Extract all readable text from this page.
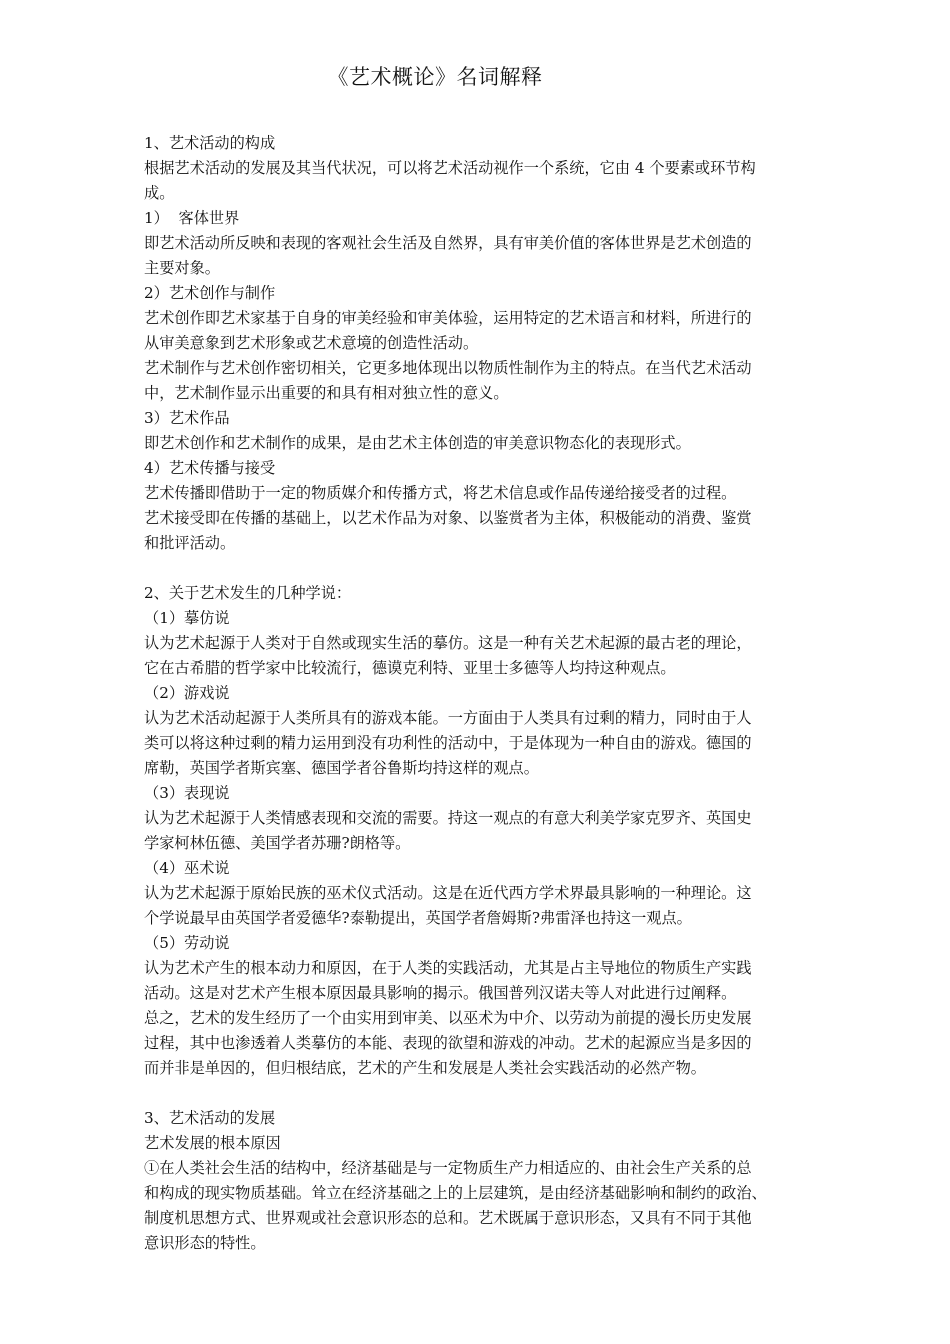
《艺术概论》名词解释
1、艺术活动的构成
根据艺术活动的发展及其当代状况，可以将艺术活动视作一个系统，它由 4 个要素或环节构
成。
1）  客体世界
即艺术活动所反映和表现的客观社会生活及自然界，具有审美价值的客体世界是艺术创造的
主要对象。
2）艺术创作与制作
艺术创作即艺术家基于自身的审美经验和审美体验，运用特定的艺术语言和材料，所进行的
从审美意象到艺术形象或艺术意境的创造性活动。
艺术制作与艺术创作密切相关，它更多地体现出以物质性制作为主的特点。在当代艺术活动
中，艺术制作显示出重要的和具有相对独立性的意义。
3）艺术作品
即艺术创作和艺术制作的成果，是由艺术主体创造的审美意识物态化的表现形式。
4）艺术传播与接受
艺术传播即借助于一定的物质媒介和传播方式，将艺术信息或作品传递给接受者的过程。
艺术接受即在传播的基础上，以艺术作品为对象、以鉴赏者为主体，积极能动的消费、鉴赏
和批评活动。
2、关于艺术发生的几种学说：
（1）摹仿说
认为艺术起源于人类对于自然或现实生活的摹仿。这是一种有关艺术起源的最古老的理论，
它在古希腊的哲学家中比较流行，德谟克利特、亚里士多德等人均持这种观点。
（2）游戏说
认为艺术活动起源于人类所具有的游戏本能。一方面由于人类具有过剩的精力，同时由于人
类可以将这种过剩的精力运用到没有功利性的活动中，于是体现为一种自由的游戏。德国的
席勒，英国学者斯宾塞、德国学者谷鲁斯均持这样的观点。
（3）表现说
认为艺术起源于人类情感表现和交流的需要。持这一观点的有意大利美学家克罗齐、英国史
学家柯林伍德、美国学者苏珊?朗格等。
（4）巫术说
认为艺术起源于原始民族的巫术仪式活动。这是在近代西方学术界最具影响的一种理论。这
个学说最早由英国学者爱德华?泰勒提出，英国学者詹姆斯?弗雷泽也持这一观点。
（5）劳动说
认为艺术产生的根本动力和原因，在于人类的实践活动，尤其是占主导地位的物质生产实践
活动。这是对艺术产生根本原因最具影响的揭示。俄国普列汉诺夫等人对此进行过阐释。
总之，艺术的发生经历了一个由实用到审美、以巫术为中介、以劳动为前提的漫长历史发展
过程，其中也渗透着人类摹仿的本能、表现的欲望和游戏的冲动。艺术的起源应当是多因的
而并非是单因的，但归根结底，艺术的产生和发展是人类社会实践活动的必然产物。
3、艺术活动的发展
艺术发展的根本原因
①在人类社会生活的结构中，经济基础是与一定物质生产力相适应的、由社会生产关系的总
和构成的现实物质基础。耸立在经济基础之上的上层建筑，是由经济基础影响和制约的政治、
制度机思想方式、世界观或社会意识形态的总和。艺术既属于意识形态，又具有不同于其他
意识形态的特性。
